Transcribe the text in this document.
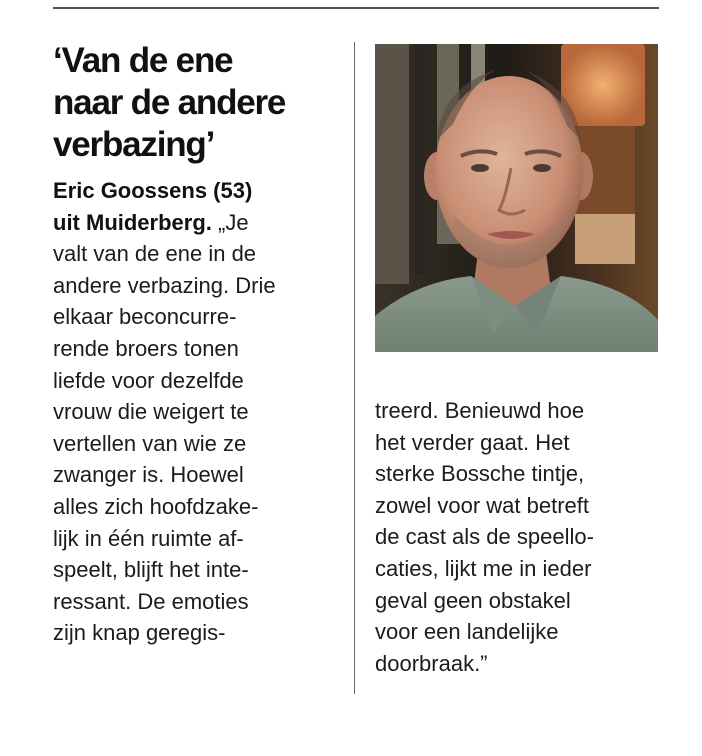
‘Van de ene
naar de andere
verbazing’
Eric Goossens (53)
uit Muiderberg. „Je
valt van de ene in de
andere verbazing. Drie
elkaar beconcurre-
rende broers tonen
liefde voor dezelfde
vrouw die weigert te
vertellen van wie ze
zwanger is. Hoewel
alles zich hoofdzake-
lijk in één ruimte af-
speelt, blijft het inte-
ressant. De emoties
zijn knap geregis-
treerd. Benieuwd hoe
het verder gaat. Het
sterke Bossche tintje,
zowel voor wat betreft
de cast als de speello-
caties, lijkt me in ieder
geval geen obstakel
voor een landelijke
doorbraak.”
